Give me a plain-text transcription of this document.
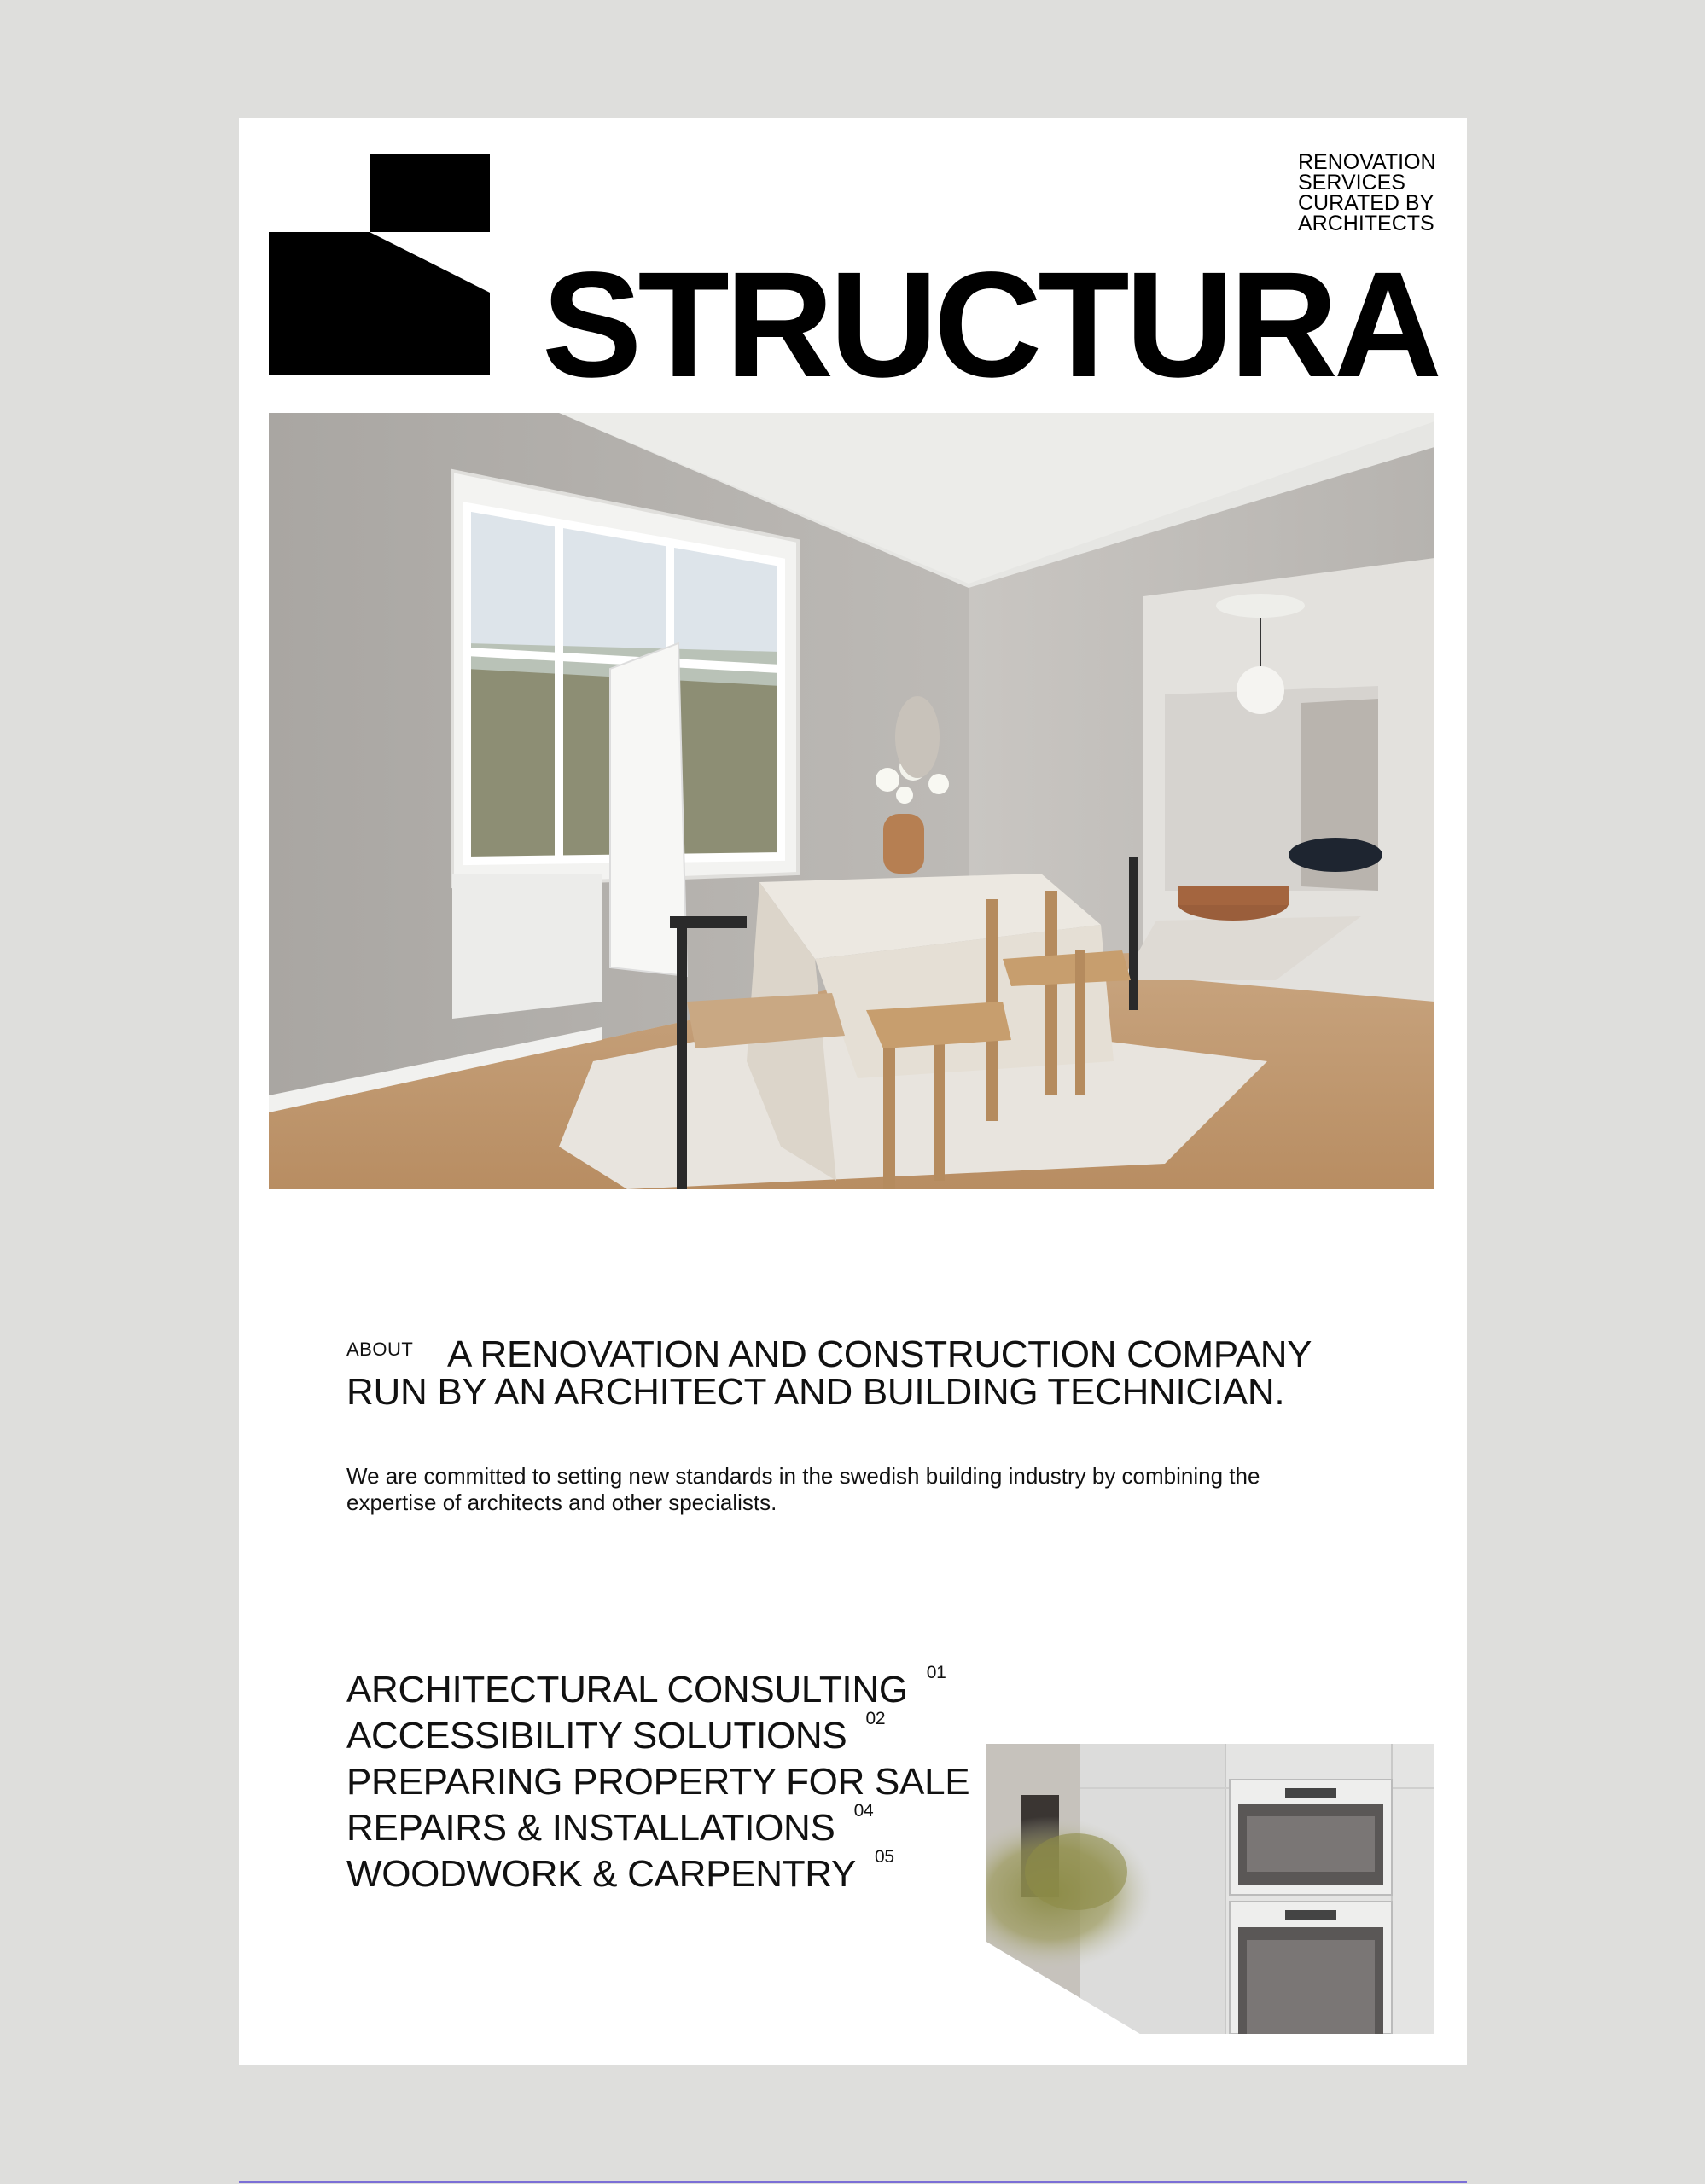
STRUCTURA

RENOVATION SERVICES CURATED BY ARCHITECTS

ABOUT A RENOVATION AND CONSTRUCTION COMPANY RUN BY AN ARCHITECT AND BUILDING TECHNICIAN.

We are committed to setting new standards in the swedish building industry by combining the expertise of architects and other specialists.

ARCHITECTURAL CONSULTING 01
ACCESSIBILITY SOLUTIONS 02
PREPARING PROPERTY FOR SALE
REPAIRS & INSTALLATIONS 04
WOODWORK & CARPENTRY 05
